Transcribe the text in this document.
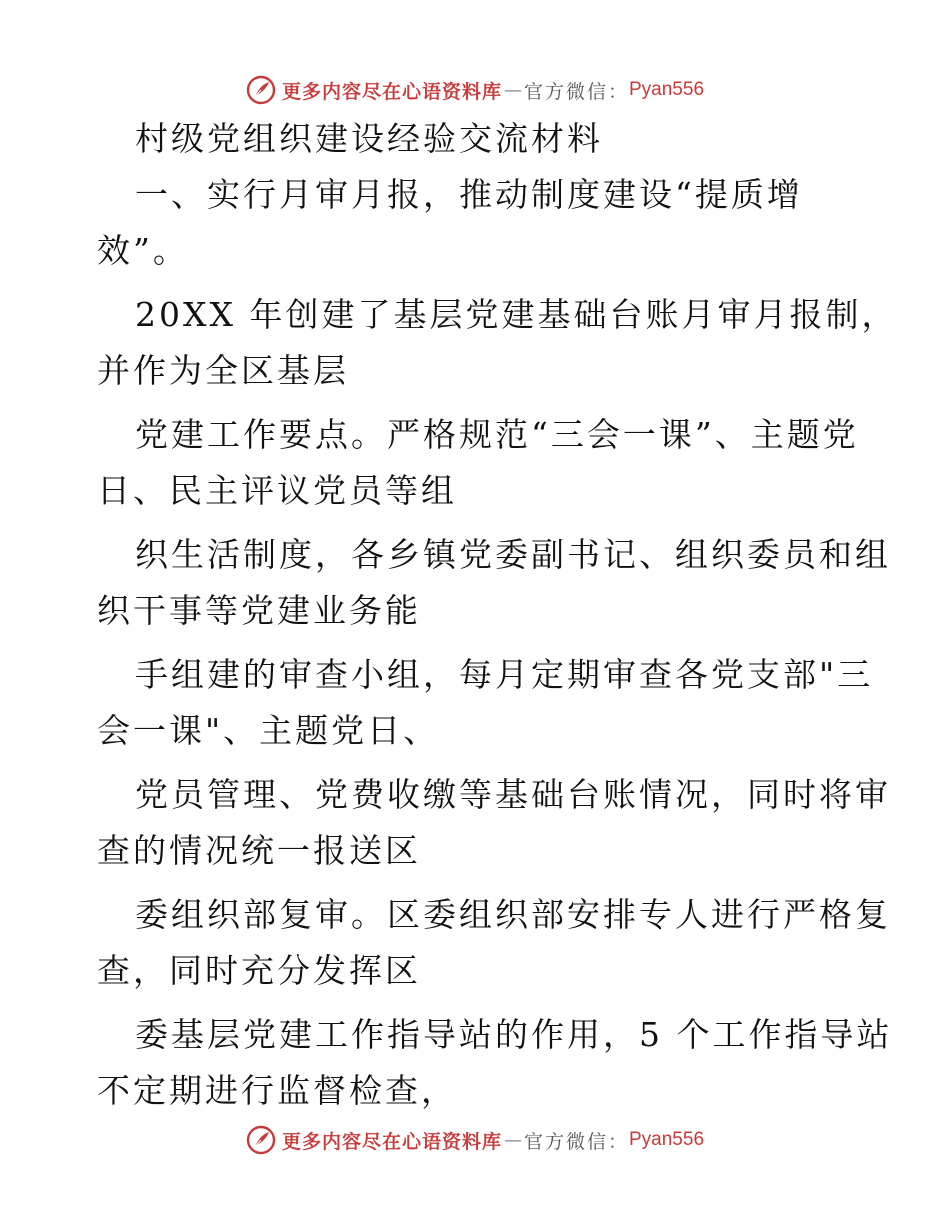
更多内容尽在心语资料库 — 官方微信： Pyan556
村级党组织建设经验交流材料
一、实行月审月报，推动制度建设“提质增
效”。
20XX 年创建了基层党建基础台账月审月报制，
并作为全区基层
党建工作要点。严格规范“三会一课”、主题党
日、民主评议党员等组
织生活制度，各乡镇党委副书记、组织委员和组
织干事等党建业务能
手组建的审查小组，每月定期审查各党支部"三
会一课"、主题党日、
党员管理、党费收缴等基础台账情况，同时将审
查的情况统一报送区
委组织部复审。区委组织部安排专人进行严格复
查，同时充分发挥区
委基层党建工作指导站的作用，5 个工作指导站
不定期进行监督检查，
更多内容尽在心语资料库 — 官方微信： Pyan556
